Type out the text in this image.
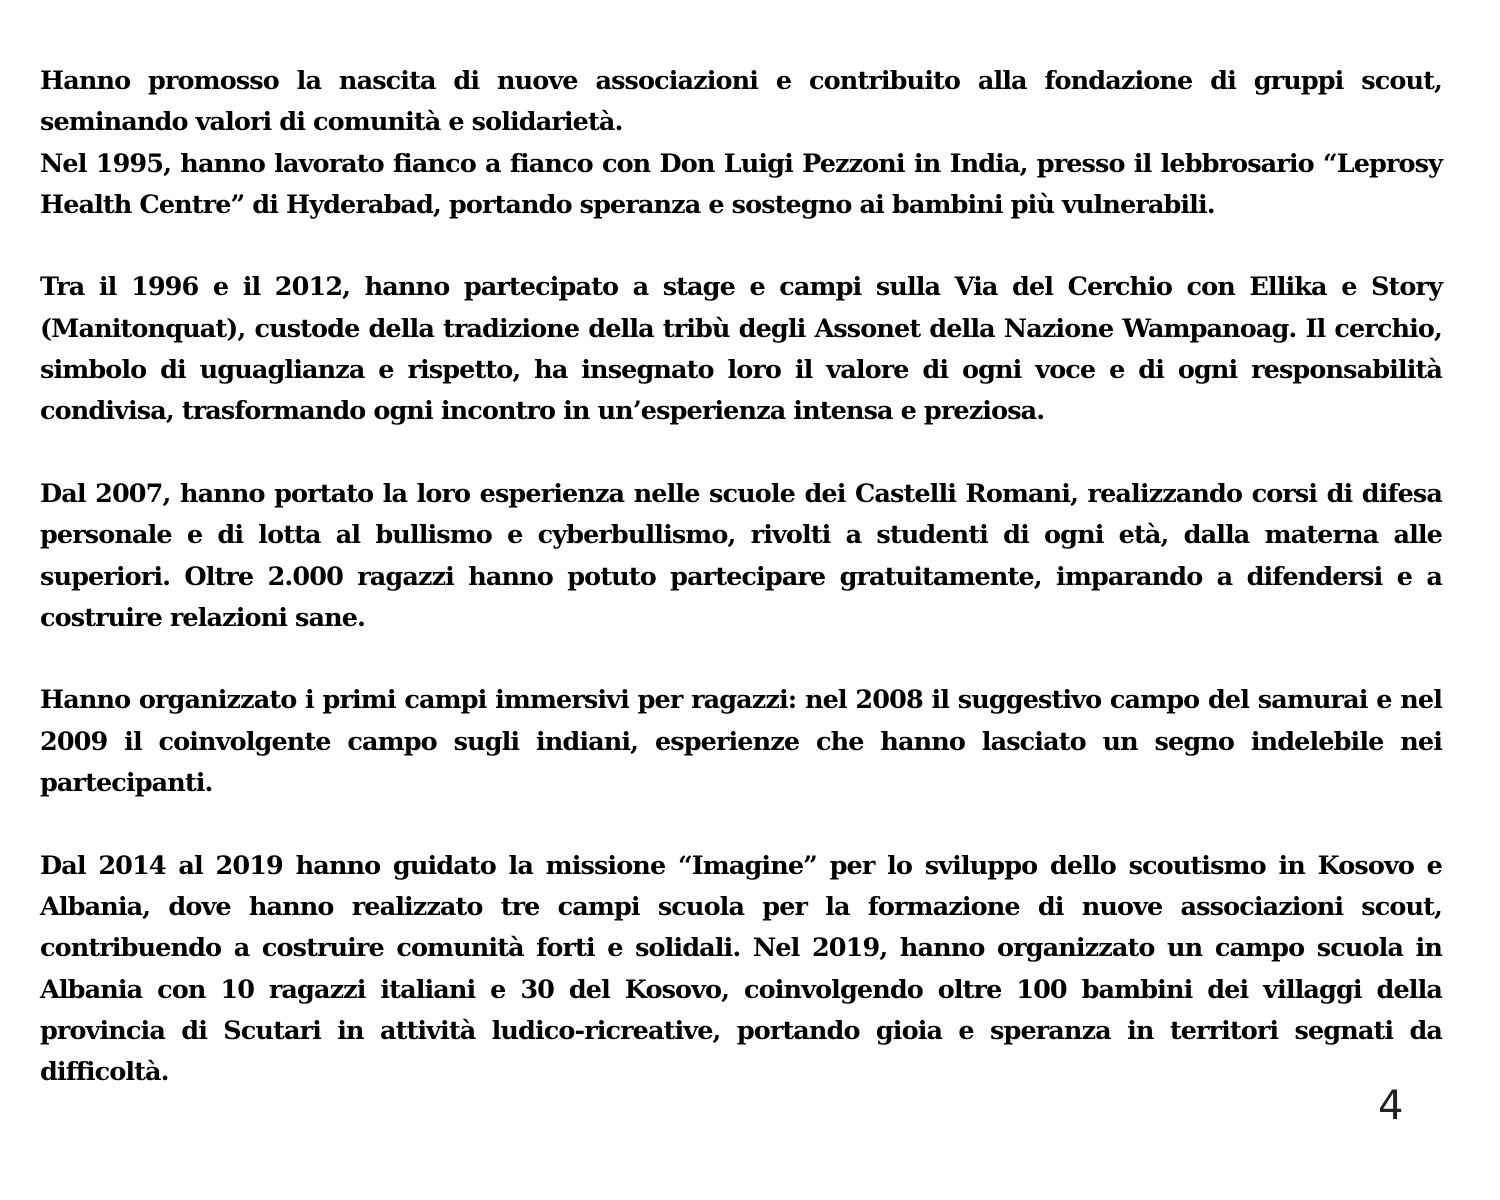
Hanno promosso la nascita di nuove associazioni e contribuito alla fondazione di gruppi scout, seminando valori di comunità e solidarietà.

Nel 1995, hanno lavorato fianco a fianco con Don Luigi Pezzoni in India, presso il lebbrosario “Leprosy Health Centre” di Hyderabad, portando speranza e sostegno ai bambini più vulnerabili.

Tra il 1996 e il 2012, hanno partecipato a stage e campi sulla Via del Cerchio con Ellika e Story (Manitonquat), custode della tradizione della tribù degli Assonet della Nazione Wampanoag. Il cerchio, simbolo di uguaglianza e rispetto, ha insegnato loro il valore di ogni voce e di ogni responsabilità condivisa, trasformando ogni incontro in un’esperienza intensa e preziosa.

Dal 2007, hanno portato la loro esperienza nelle scuole dei Castelli Romani, realizzando corsi di difesa personale e di lotta al bullismo e cyberbullismo, rivolti a studenti di ogni età, dalla materna alle superiori. Oltre 2.000 ragazzi hanno potuto partecipare gratuitamente, imparando a difendersi e a costruire relazioni sane.

Hanno organizzato i primi campi immersivi per ragazzi: nel 2008 il suggestivo campo del samurai e nel 2009 il coinvolgente campo sugli indiani, esperienze che hanno lasciato un segno indelebile nei partecipanti.

Dal 2014 al 2019 hanno guidato la missione “Imagine” per lo sviluppo dello scoutismo in Kosovo e Albania, dove hanno realizzato tre campi scuola per la formazione di nuove associazioni scout, contribuendo a costruire comunità forti e solidali. Nel 2019, hanno organizzato un campo scuola in Albania con 10 ragazzi italiani e 30 del Kosovo, coinvolgendo oltre 100 bambini dei villaggi della provincia di Scutari in attività ludico-ricreative, portando gioia e speranza in territori segnati da difficoltà.

4
